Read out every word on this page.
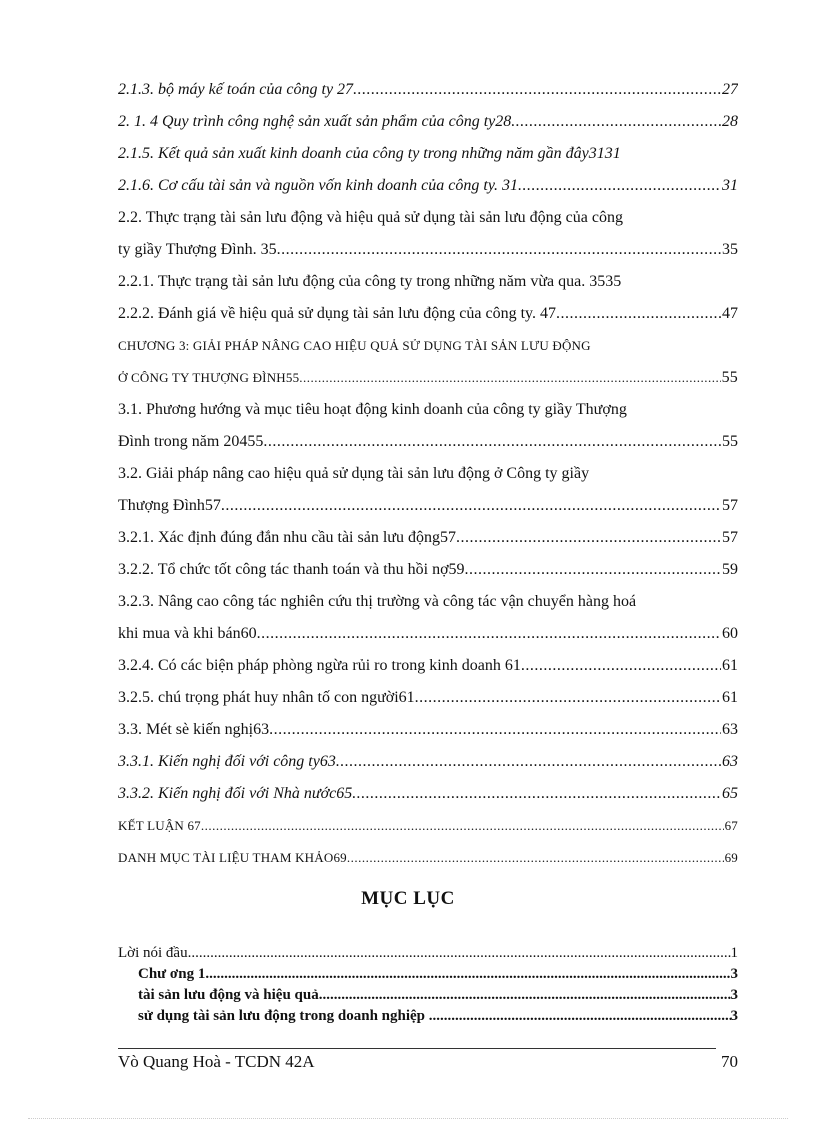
2.1.3. bộ máy kế toán của công ty 27 .....	27
2. 1. 4 Quy trình công nghệ sản xuất sản phẩm của công ty28 .....	28
2.1.5. Kết quả sản xuất kinh doanh của công ty trong những năm gần đây3131
2.1.6. Cơ cấu tài sản và nguồn vốn kinh doanh của công ty. 31 .....	31
2.2. Thực trạng tài sản lưu động và hiệu quả sử dụng tài sản lưu động của công
ty giầy Thượng Đình. 35 .....	35
2.2.1. Thực trạng tài sản lưu động của công ty trong những năm vừa qua. 3535
2.2.2. Đánh giá về hiệu quả sử dụng tài sản lưu động của công ty. 47 .....	47
CHƯƠNG 3: GIẢI PHÁP NÂNG CAO HIỆU QUẢ SỬ DỤNG TÀI SẢN LƯU ĐỘNG
Ở CÔNG TY THƯỢNG ĐÌNH55 .....	55
3.1. Phương hướng và mục tiêu hoạt động kinh doanh của công ty giầy Thượng
Đình trong năm 20455 .....	55
3.2. Giải pháp nâng cao hiệu quả sử dụng tài sản lưu động ở Công ty giầy
Thượng Đình57 .....	57
3.2.1. Xác định đúng đắn nhu cầu tài sản lưu động57 .....	57
3.2.2. Tổ chức tốt công tác thanh toán và thu hồi nợ59 .....	59
3.2.3. Nâng cao công tác nghiên cứu thị trường và công tác vận chuyển hàng hoá
khi mua và khi bán60 .....	60
3.2.4. Có các biện pháp phòng ngừa rủi ro trong kinh doanh 61 .....	61
3.2.5. chú trọng phát huy nhân tố con người61 .....	61
3.3. Mét sè kiến nghị63 .....	63
3.3.1. Kiến nghị đối với công ty63 .....	63
3.3.2. Kiến nghị đối với Nhà nước65 .....	65
KẾT LUẬN 67 .....	67
DANH MỤC TÀI LIỆU THAM KHẢO69 .....	69
MỤC LỤC
Lời nói đầu .....	1
Chư ơng 1 .....	3
tài sản lưu động và hiệu quả .....	3
sử dụng tài sản lưu động trong doanh nghiệp .....	3
Vò Quang Hoà - TCDN 42A	70
